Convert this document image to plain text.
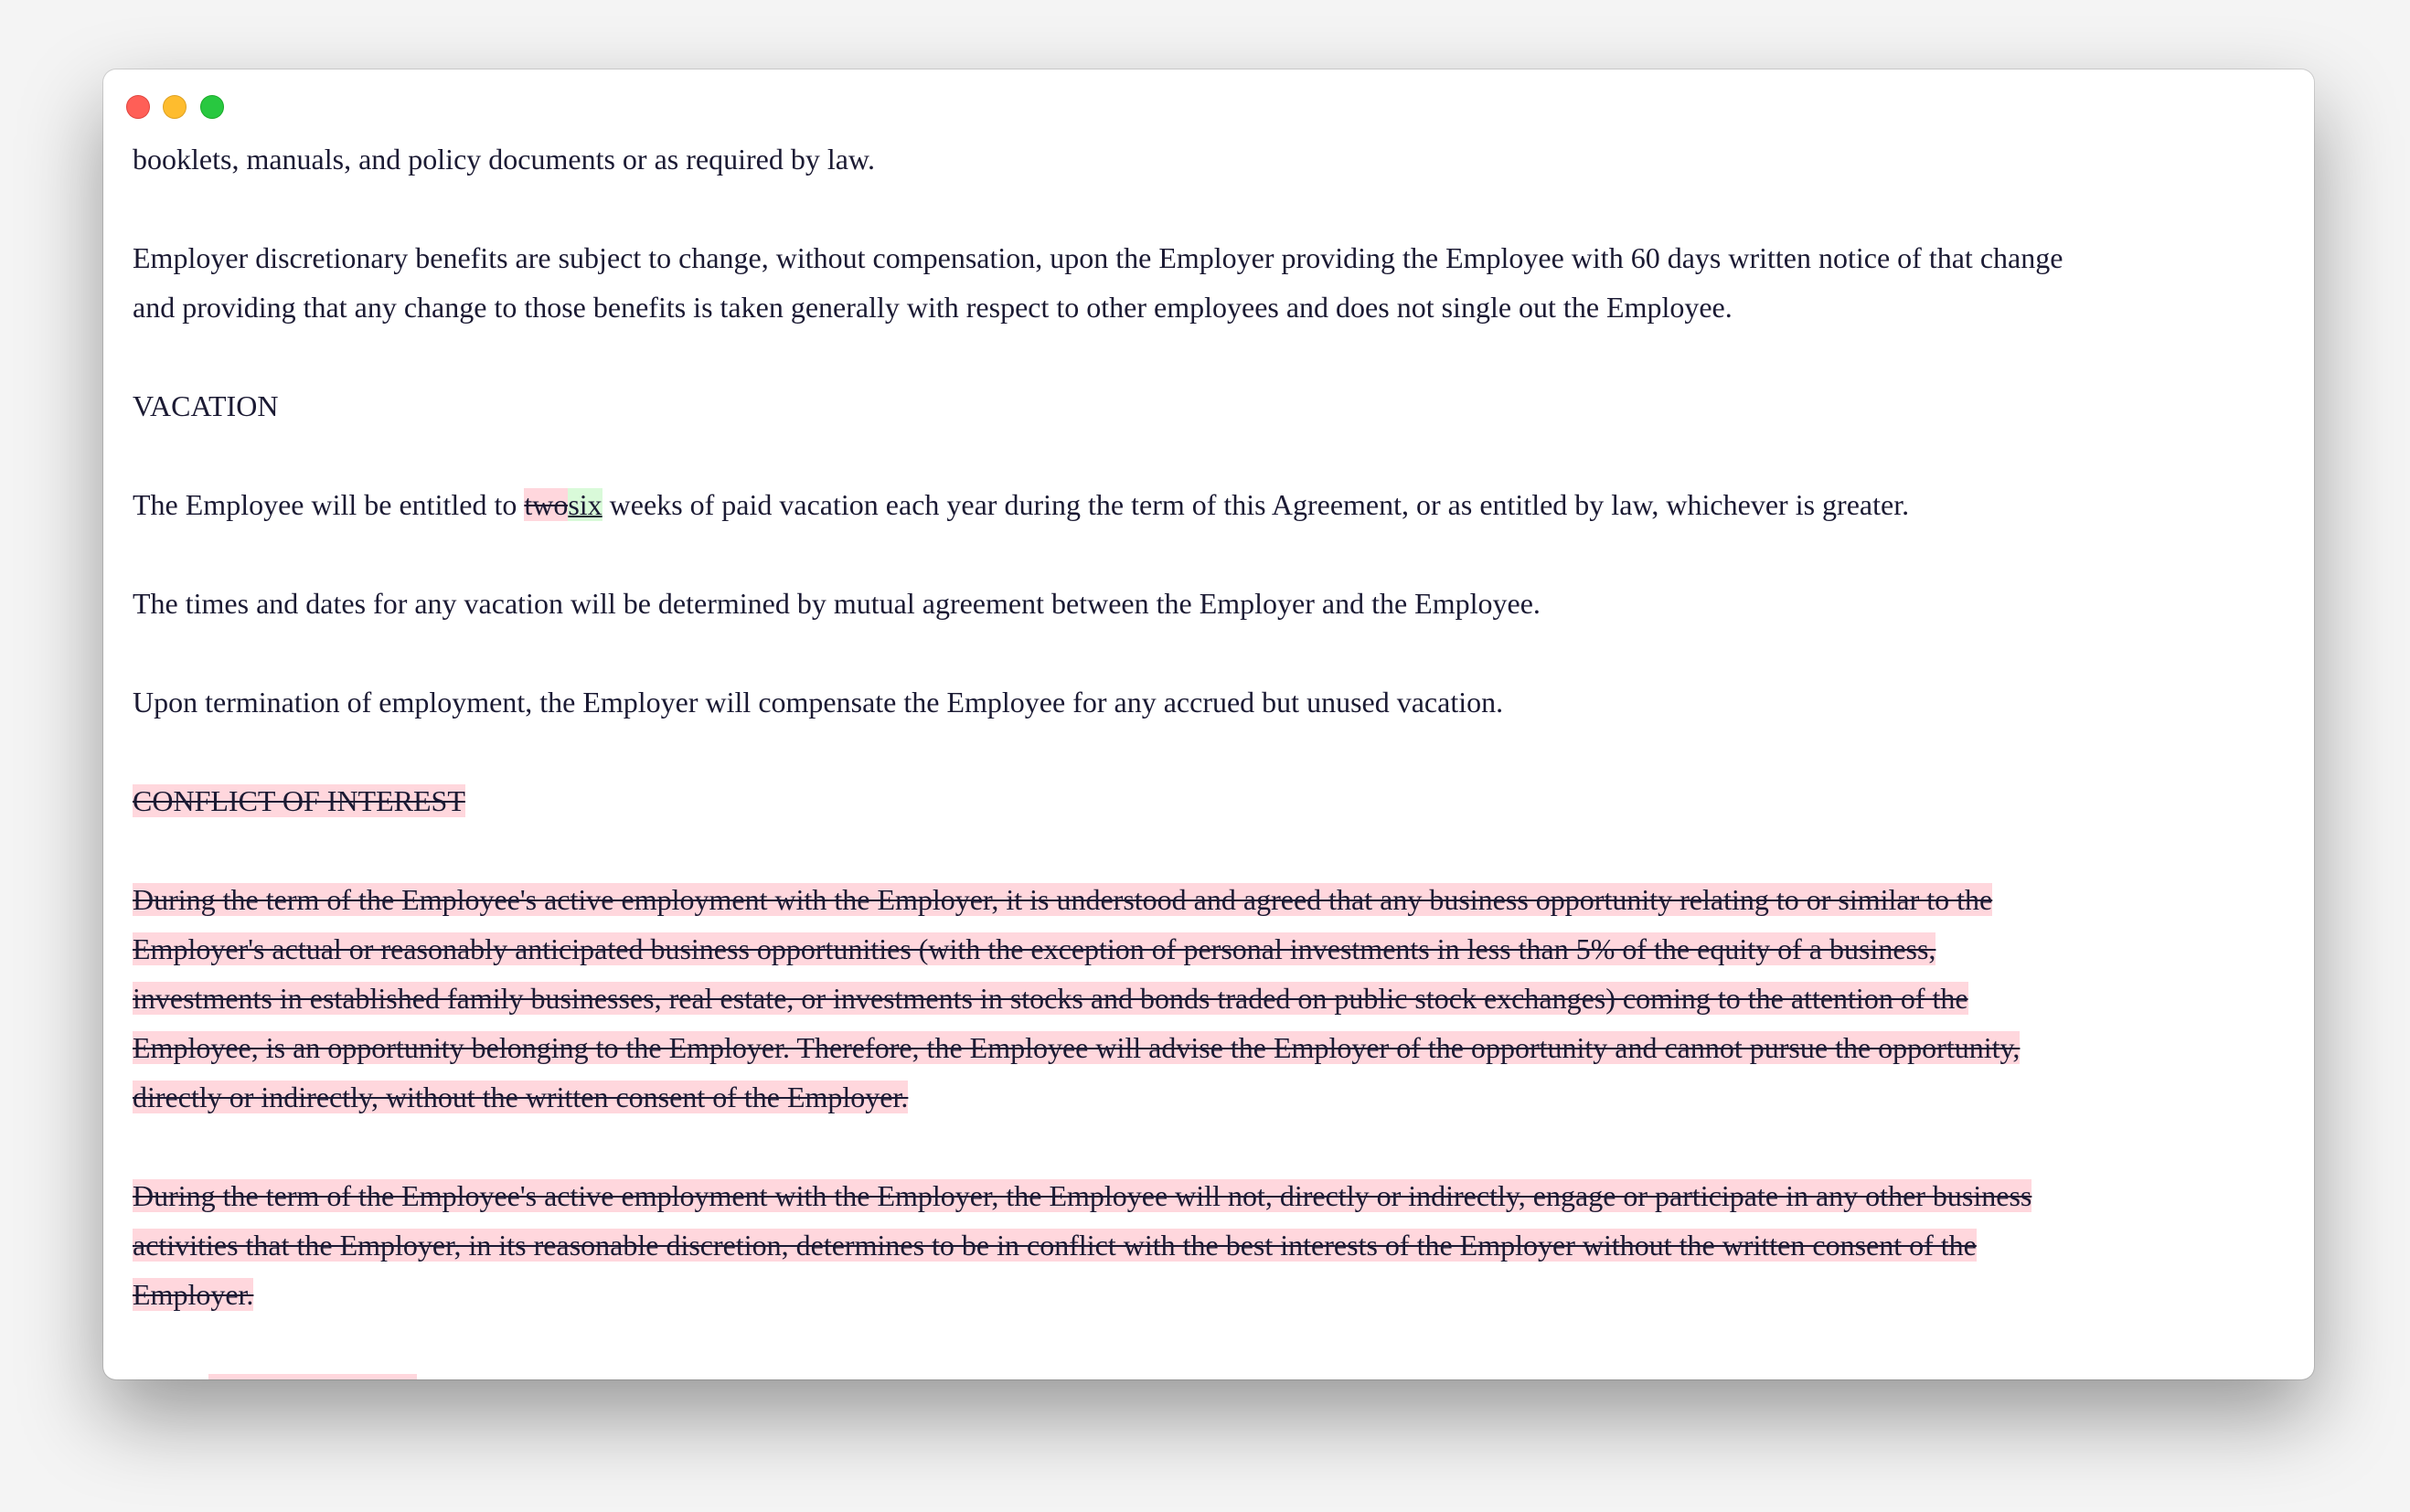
booklets, manuals, and policy documents or as required by law.
Employer discretionary benefits are subject to change, without compensation, upon the Employer providing the Employee with 60 days written notice of that change
and providing that any change to those benefits is taken generally with respect to other employees and does not single out the Employee.
VACATION
The Employee will be entitled to twosix weeks of paid vacation each year during the term of this Agreement, or as entitled by law, whichever is greater.
The times and dates for any vacation will be determined by mutual agreement between the Employer and the Employee.
Upon termination of employment, the Employer will compensate the Employee for any accrued but unused vacation.
CONFLICT OF INTEREST
During the term of the Employee's active employment with the Employer, it is understood and agreed that any business opportunity relating to or similar to the
Employer's actual or reasonably anticipated business opportunities (with the exception of personal investments in less than 5% of the equity of a business,
investments in established family businesses, real estate, or investments in stocks and bonds traded on public stock exchanges) coming to the attention of the
Employee, is an opportunity belonging to the Employer. Therefore, the Employee will advise the Employer of the opportunity and cannot pursue the opportunity,
directly or indirectly, without the written consent of the Employer.
During the term of the Employee's active employment with the Employer, the Employee will not, directly or indirectly, engage or participate in any other business
activities that the Employer, in its reasonable discretion, determines to be in conflict with the best interests of the Employer without the written consent of the
Employer.
